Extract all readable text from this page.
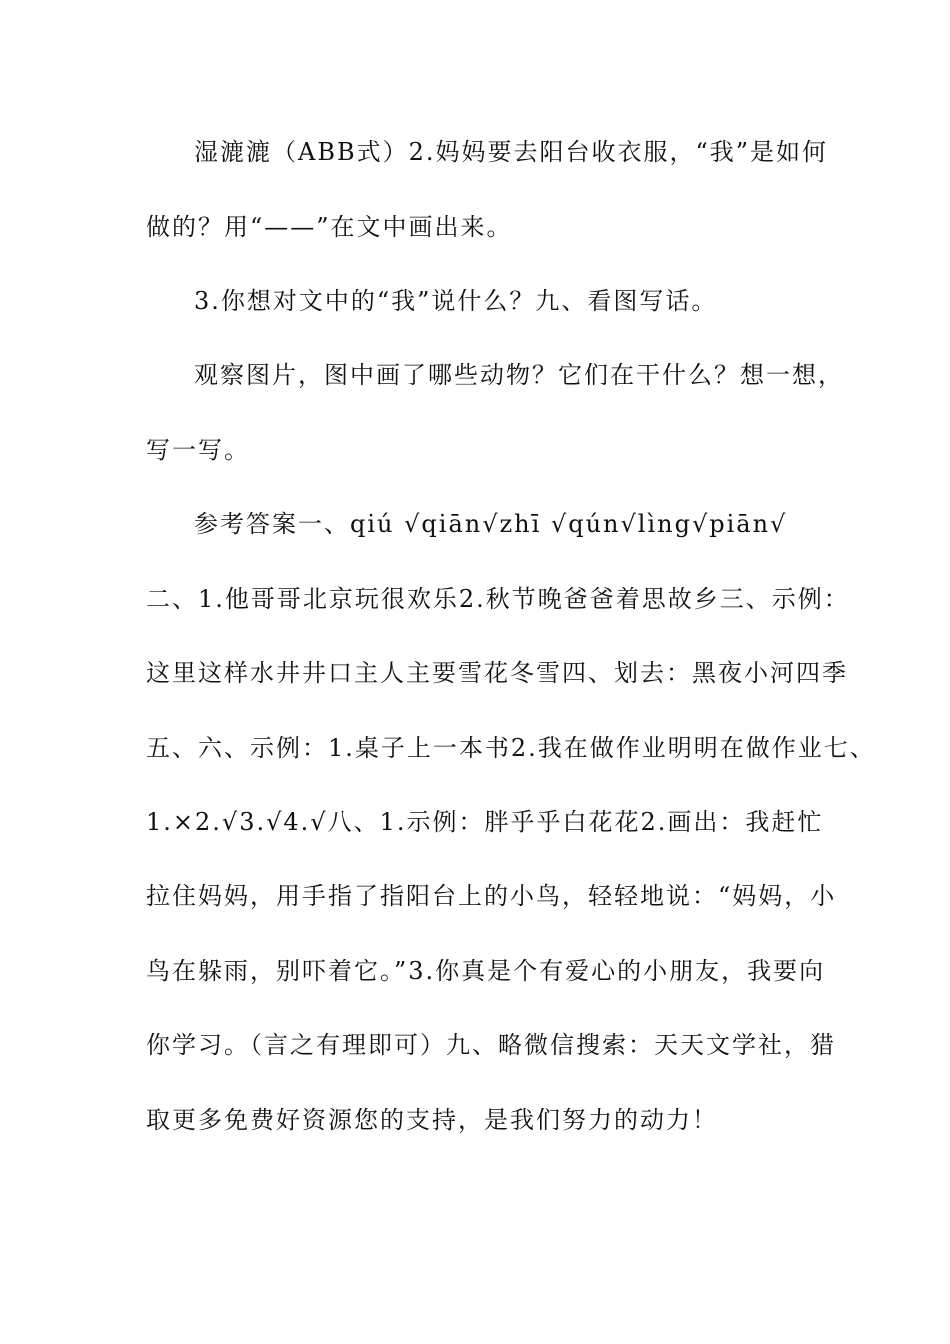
湿漉漉（ABB式）2.妈妈要去阳台收衣服，“我”是如何
做的？用“——”在文中画出来。
3.你想对文中的“我”说什么？九、看图写话。
观察图片，图中画了哪些动物？它们在干什么？想一想，
写一写。
参考答案一、qiú √qiān√zhī √qún√lìng√piān√
二、1.他哥哥北京玩很欢乐2.秋节晚爸爸着思故乡三、示例：
这里这样水井井口主人主要雪花冬雪四、划去：黑夜小河四季
五、六、示例：1.桌子上一本书2.我在做作业明明在做作业七、
1.×2.√3.√4.√八、1.示例：胖乎乎白花花2.画出：我赶忙
拉住妈妈，用手指了指阳台上的小鸟，轻轻地说：“妈妈，小
鸟在躲雨，别吓着它。”3.你真是个有爱心的小朋友，我要向
你学习。（言之有理即可）九、略微信搜索：天天文学社，猎
取更多免费好资源您的支持，是我们努力的动力！
